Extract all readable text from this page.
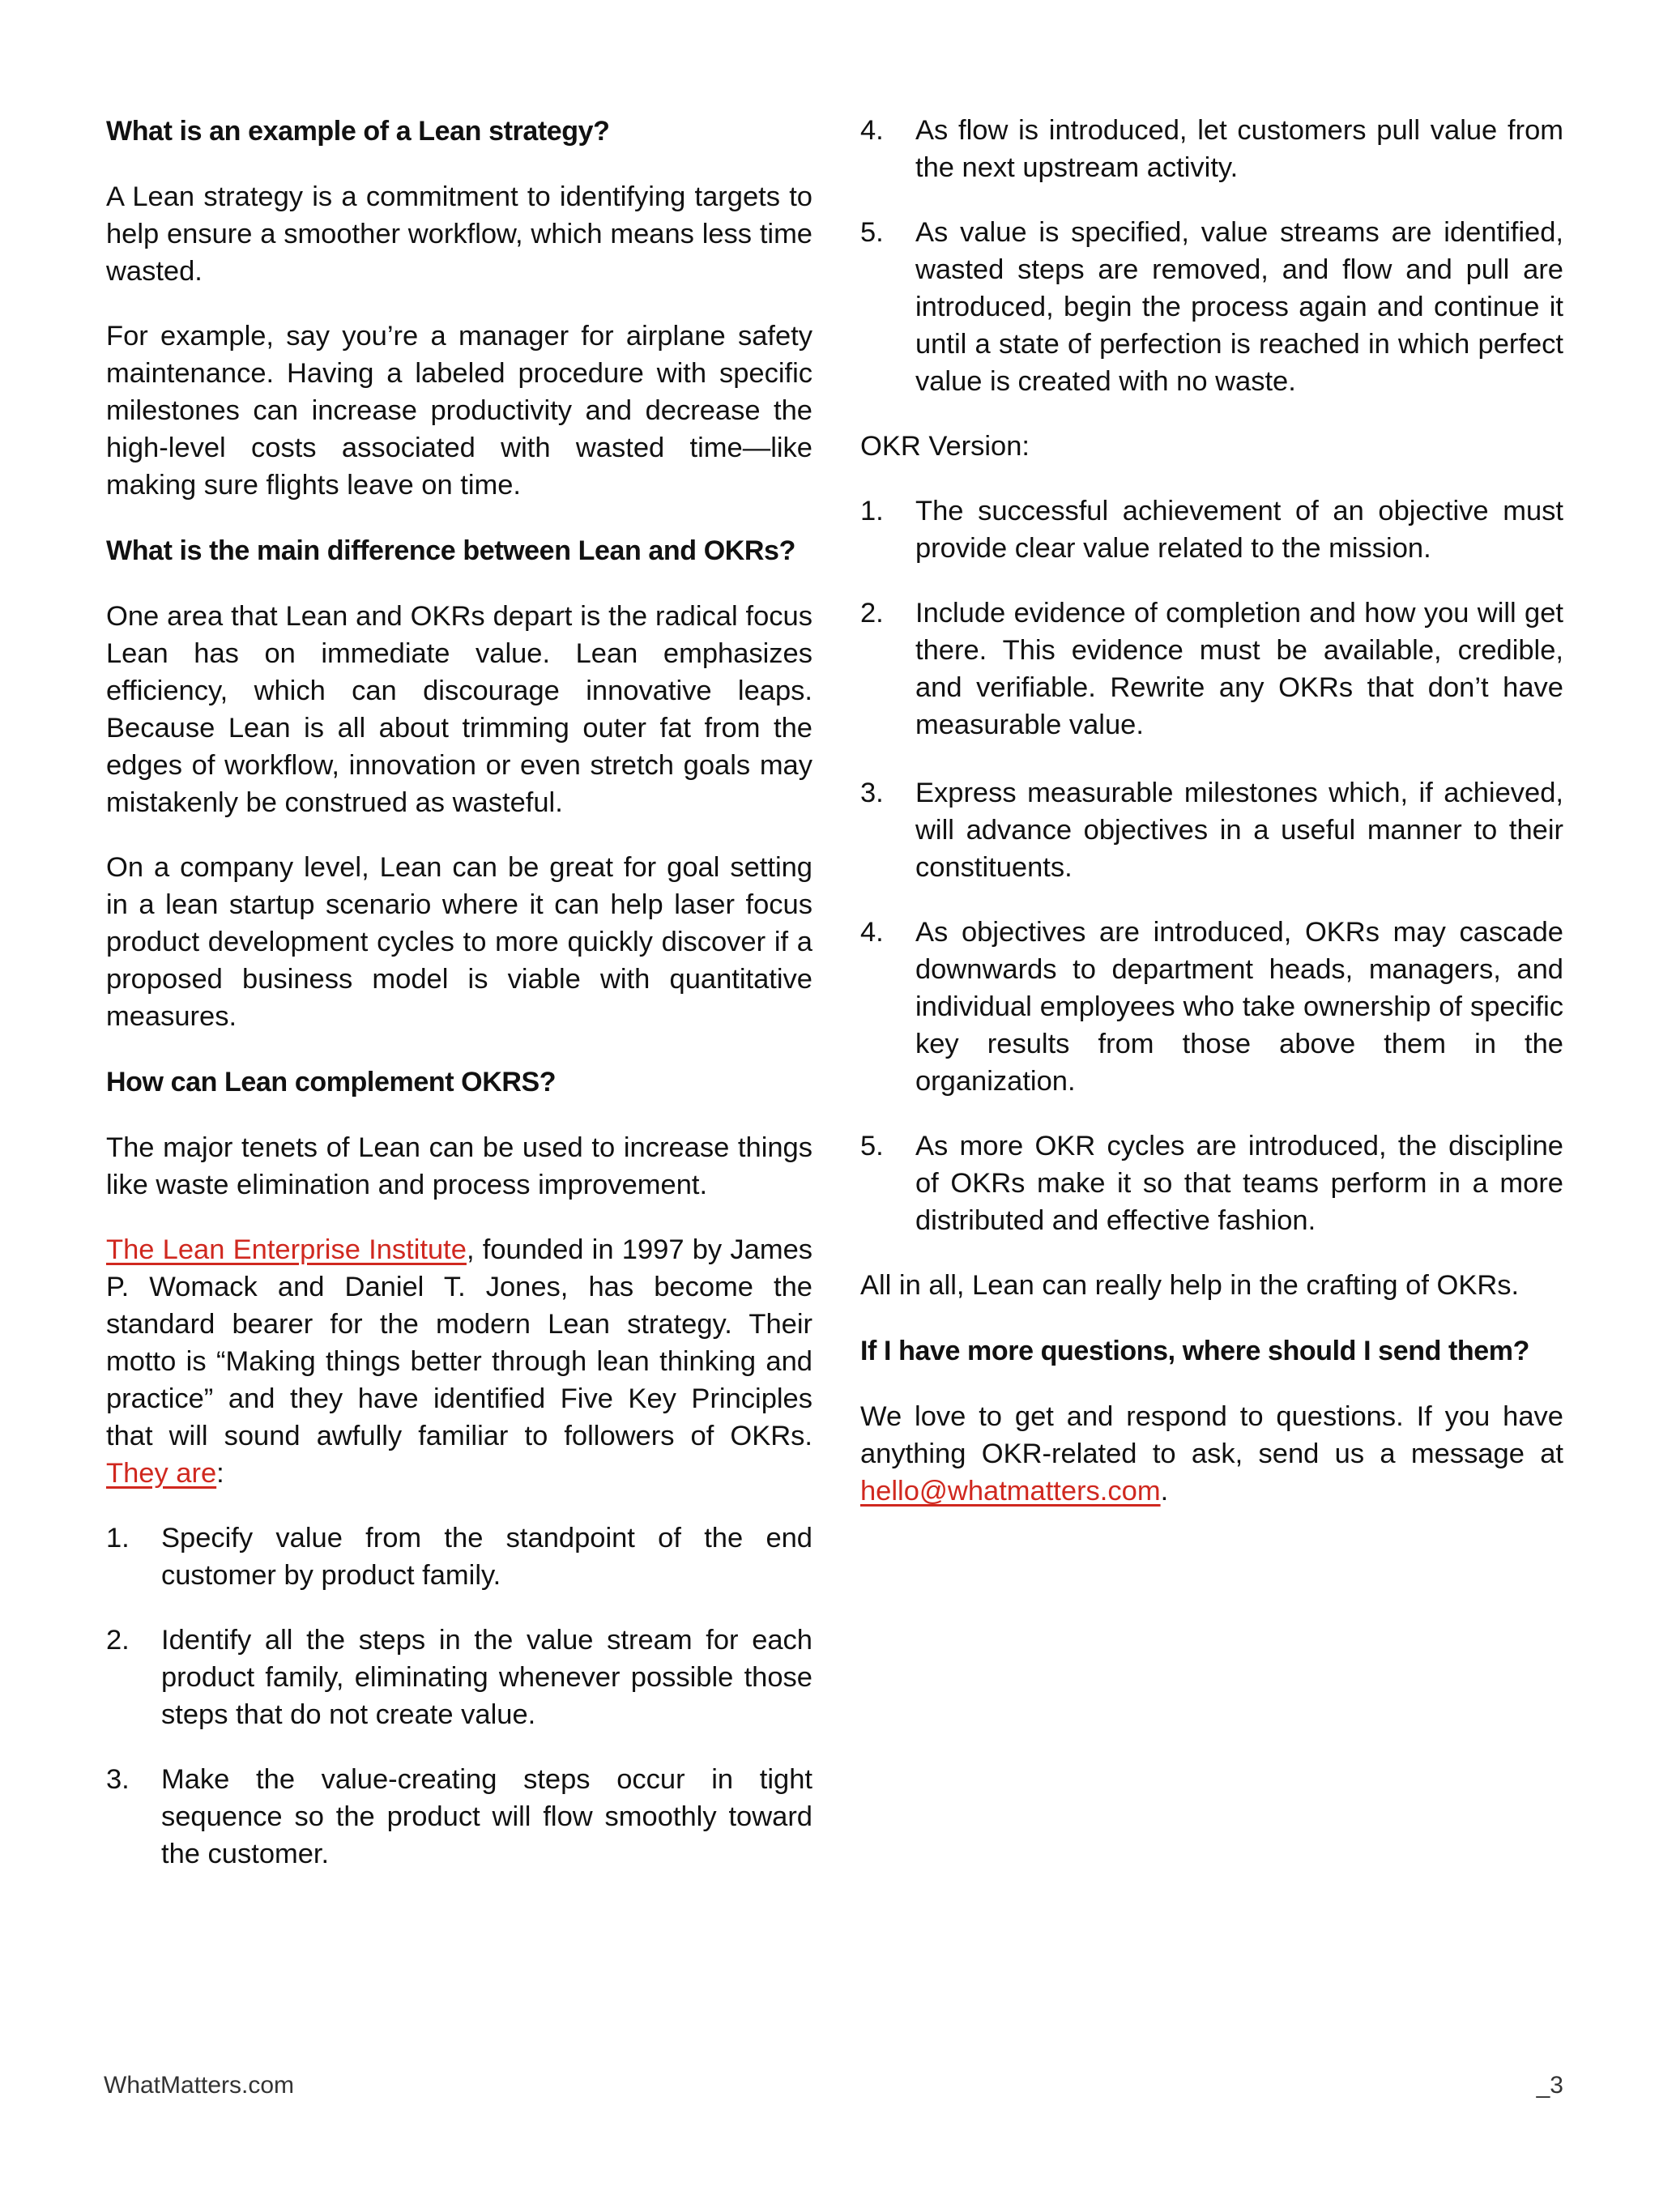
What is an example of a Lean strategy?

A Lean strategy is a commitment to identifying targets to help ensure a smoother workflow, which means less time wasted.

For example, say you’re a manager for airplane safety maintenance. Having a labeled procedure with specific milestones can increase productivity and decrease the high-level costs associated with wasted time—like making sure flights leave on time.

What is the main difference between Lean and OKRs?

One area that Lean and OKRs depart is the radical focus Lean has on immediate value. Lean emphasizes efficiency, which can discourage innovative leaps. Because Lean is all about trimming outer fat from the edges of workflow, innovation or even stretch goals may mistakenly be construed as wasteful.

On a company level, Lean can be great for goal setting in a lean startup scenario where it can help laser focus product development cycles to more quickly discover if a proposed business model is viable with quantitative measures.

How can Lean complement OKRS?

The major tenets of Lean can be used to increase things like waste elimination and process improvement.

The Lean Enterprise Institute, founded in 1997 by James P. Womack and Daniel T. Jones, has become the standard bearer for the modern Lean strategy. Their motto is “Making things better through lean thinking and practice” and they have identified Five Key Principles that will sound awfully familiar to followers of OKRs. They are:

1. Specify value from the standpoint of the end customer by product family.
2. Identify all the steps in the value stream for each product family, eliminating whenever possible those steps that do not create value.
3. Make the value-creating steps occur in tight sequence so the product will flow smoothly toward the customer.
4. As flow is introduced, let customers pull value from the next upstream activity.
5. As value is specified, value streams are identified, wasted steps are removed, and flow and pull are introduced, begin the process again and continue it until a state of perfection is reached in which perfect value is created with no waste.

OKR Version:

1. The successful achievement of an objective must provide clear value related to the mission.
2. Include evidence of completion and how you will get there. This evidence must be available, credible, and verifiable. Rewrite any OKRs that don’t have measurable value.
3. Express measurable milestones which, if achieved, will advance objectives in a useful manner to their constituents.
4. As objectives are introduced, OKRs may cascade downwards to department heads, managers, and individual employees who take ownership of specific key results from those above them in the organization.
5. As more OKR cycles are introduced, the discipline of OKRs make it so that teams perform in a more distributed and effective fashion.

All in all, Lean can really help in the crafting of OKRs.

If I have more questions, where should I send them?

We love to get and respond to questions. If you have anything OKR-related to ask, send us a message at hello@whatmatters.com.

WhatMatters.com	_3
